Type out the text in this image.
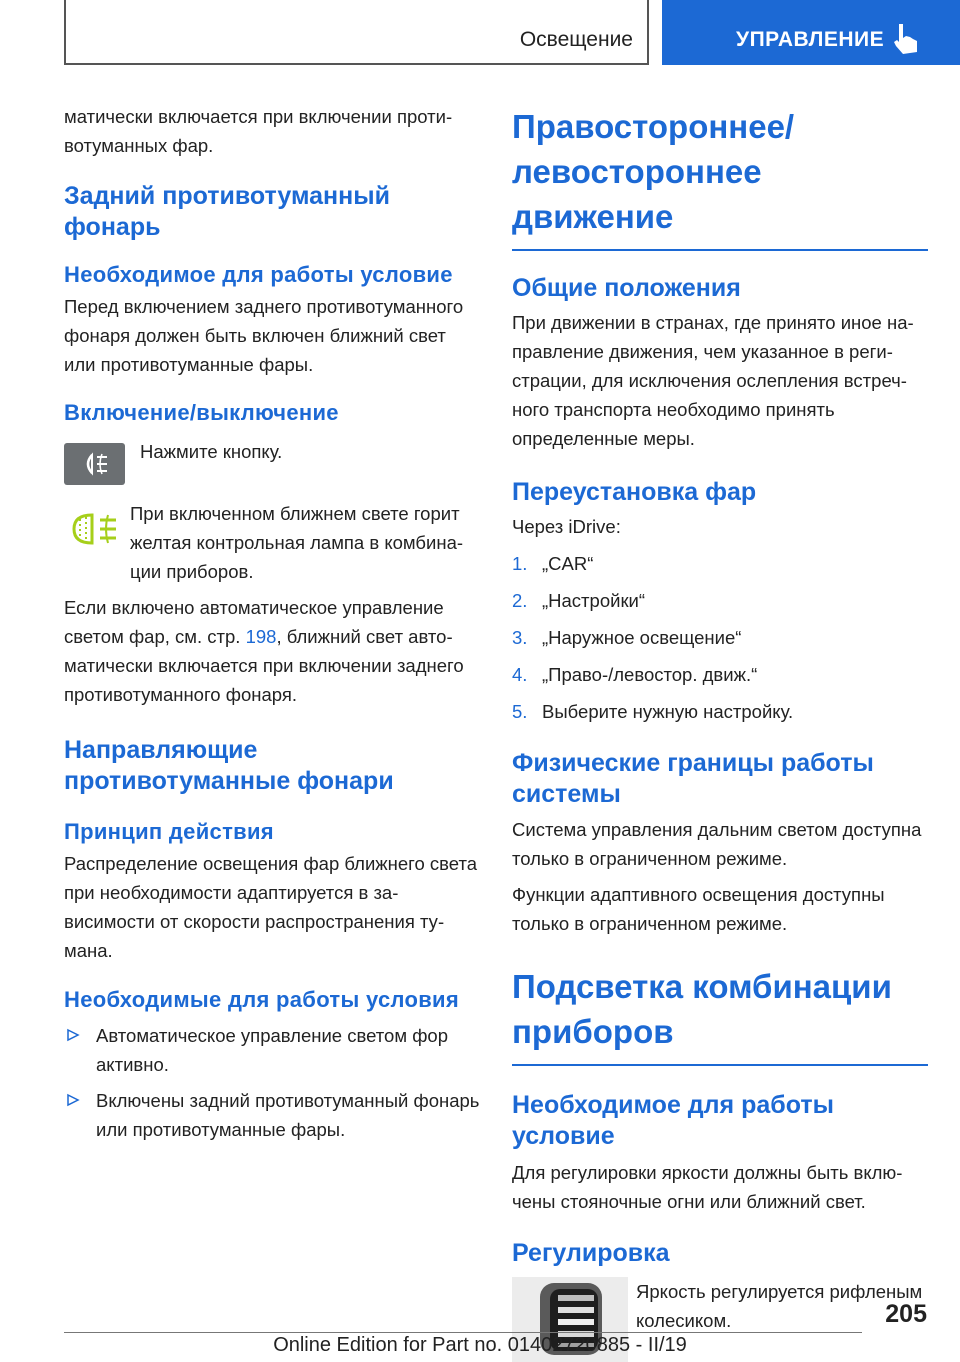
Освещение	УПРАВЛЕНИЕ

матически включается при включении противотуманных фар.

Задний противотуманный фонарь
Необходимое для работы условие

Перед включением заднего противотуманного фонаря должен быть включен ближний свет или противотуманные фары.

Включение/выключение

Нажмите кнопку.

При включенном ближнем свете горит желтая контрольная лампа в комбинации приборов.

Если включено автоматическое управление светом фар, см. стр. 198, ближний свет автоматически включается при включении заднего противотуманного фонаря.

Направляющие противотуманные фонари
Принцип действия

Распределение освещения фар ближнего света при необходимости адаптируется в зависимости от скорости распространения тумана.

Необходимые для работы условия
Автоматическое управление светом фор активно.
Включены задний противотуманный фонарь или противотуманные фары.
Правостороннее/ левостороннее движение
Общие положения

При движении в странах, где принято иное направление движения, чем указанное в регистрации, для исключения ослепления встречного транспорта необходимо принять определенные меры.

Переустановка фар

Через iDrive:

1. „CAR“
2. „Настройки“
3. „Наружное освещение“
4. „Право-/левостор. движ.“
5. Выберите нужную настройку.
Физические границы работы системы

Система управления дальним светом доступна только в ограниченном режиме.

Функции адаптивного освещения доступны только в ограниченном режиме.

Подсветка комбинации приборов
Необходимое для работы условие

Для регулировки яркости должны быть включены стояночные огни или ближний свет.

Регулировка

Яркость регулируется рифленым колесиком.	205
Online Edition for Part no. 01402720885 - II/19
